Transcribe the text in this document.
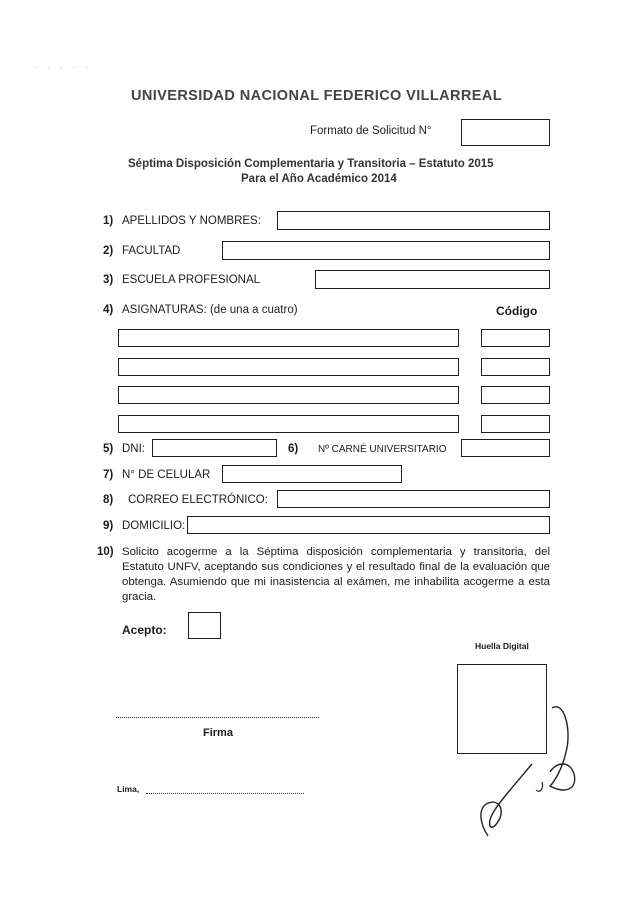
· · · · ·
UNIVERSIDAD NACIONAL FEDERICO VILLARREAL
Formato de Solicitud N°
Séptima Disposición Complementaria y Transitoria – Estatuto 2015
Para el Año Académico 2014
1) APELLIDOS Y NOMBRES:
2) FACULTAD
3) ESCUELA PROFESIONAL
4) ASIGNATURAS: (de una a cuatro)	Código
5) DNI:	6) Nº CARNÉ UNIVERSITARIO
7) N° DE CELULAR
8) CORREO ELECTRÓNICO:
9) DOMICILIO:
10) Solicito acogerme a la Séptima disposición complementaria y transitoria, del Estatuto UNFV, aceptando sus condiciones y el resultado final de la evaluación que obtenga. Asumiendo que mi inasistencia al exámen, me inhabilita acogerme a esta gracia.
Acepto:
Huella Digital
Firma
Lima,
